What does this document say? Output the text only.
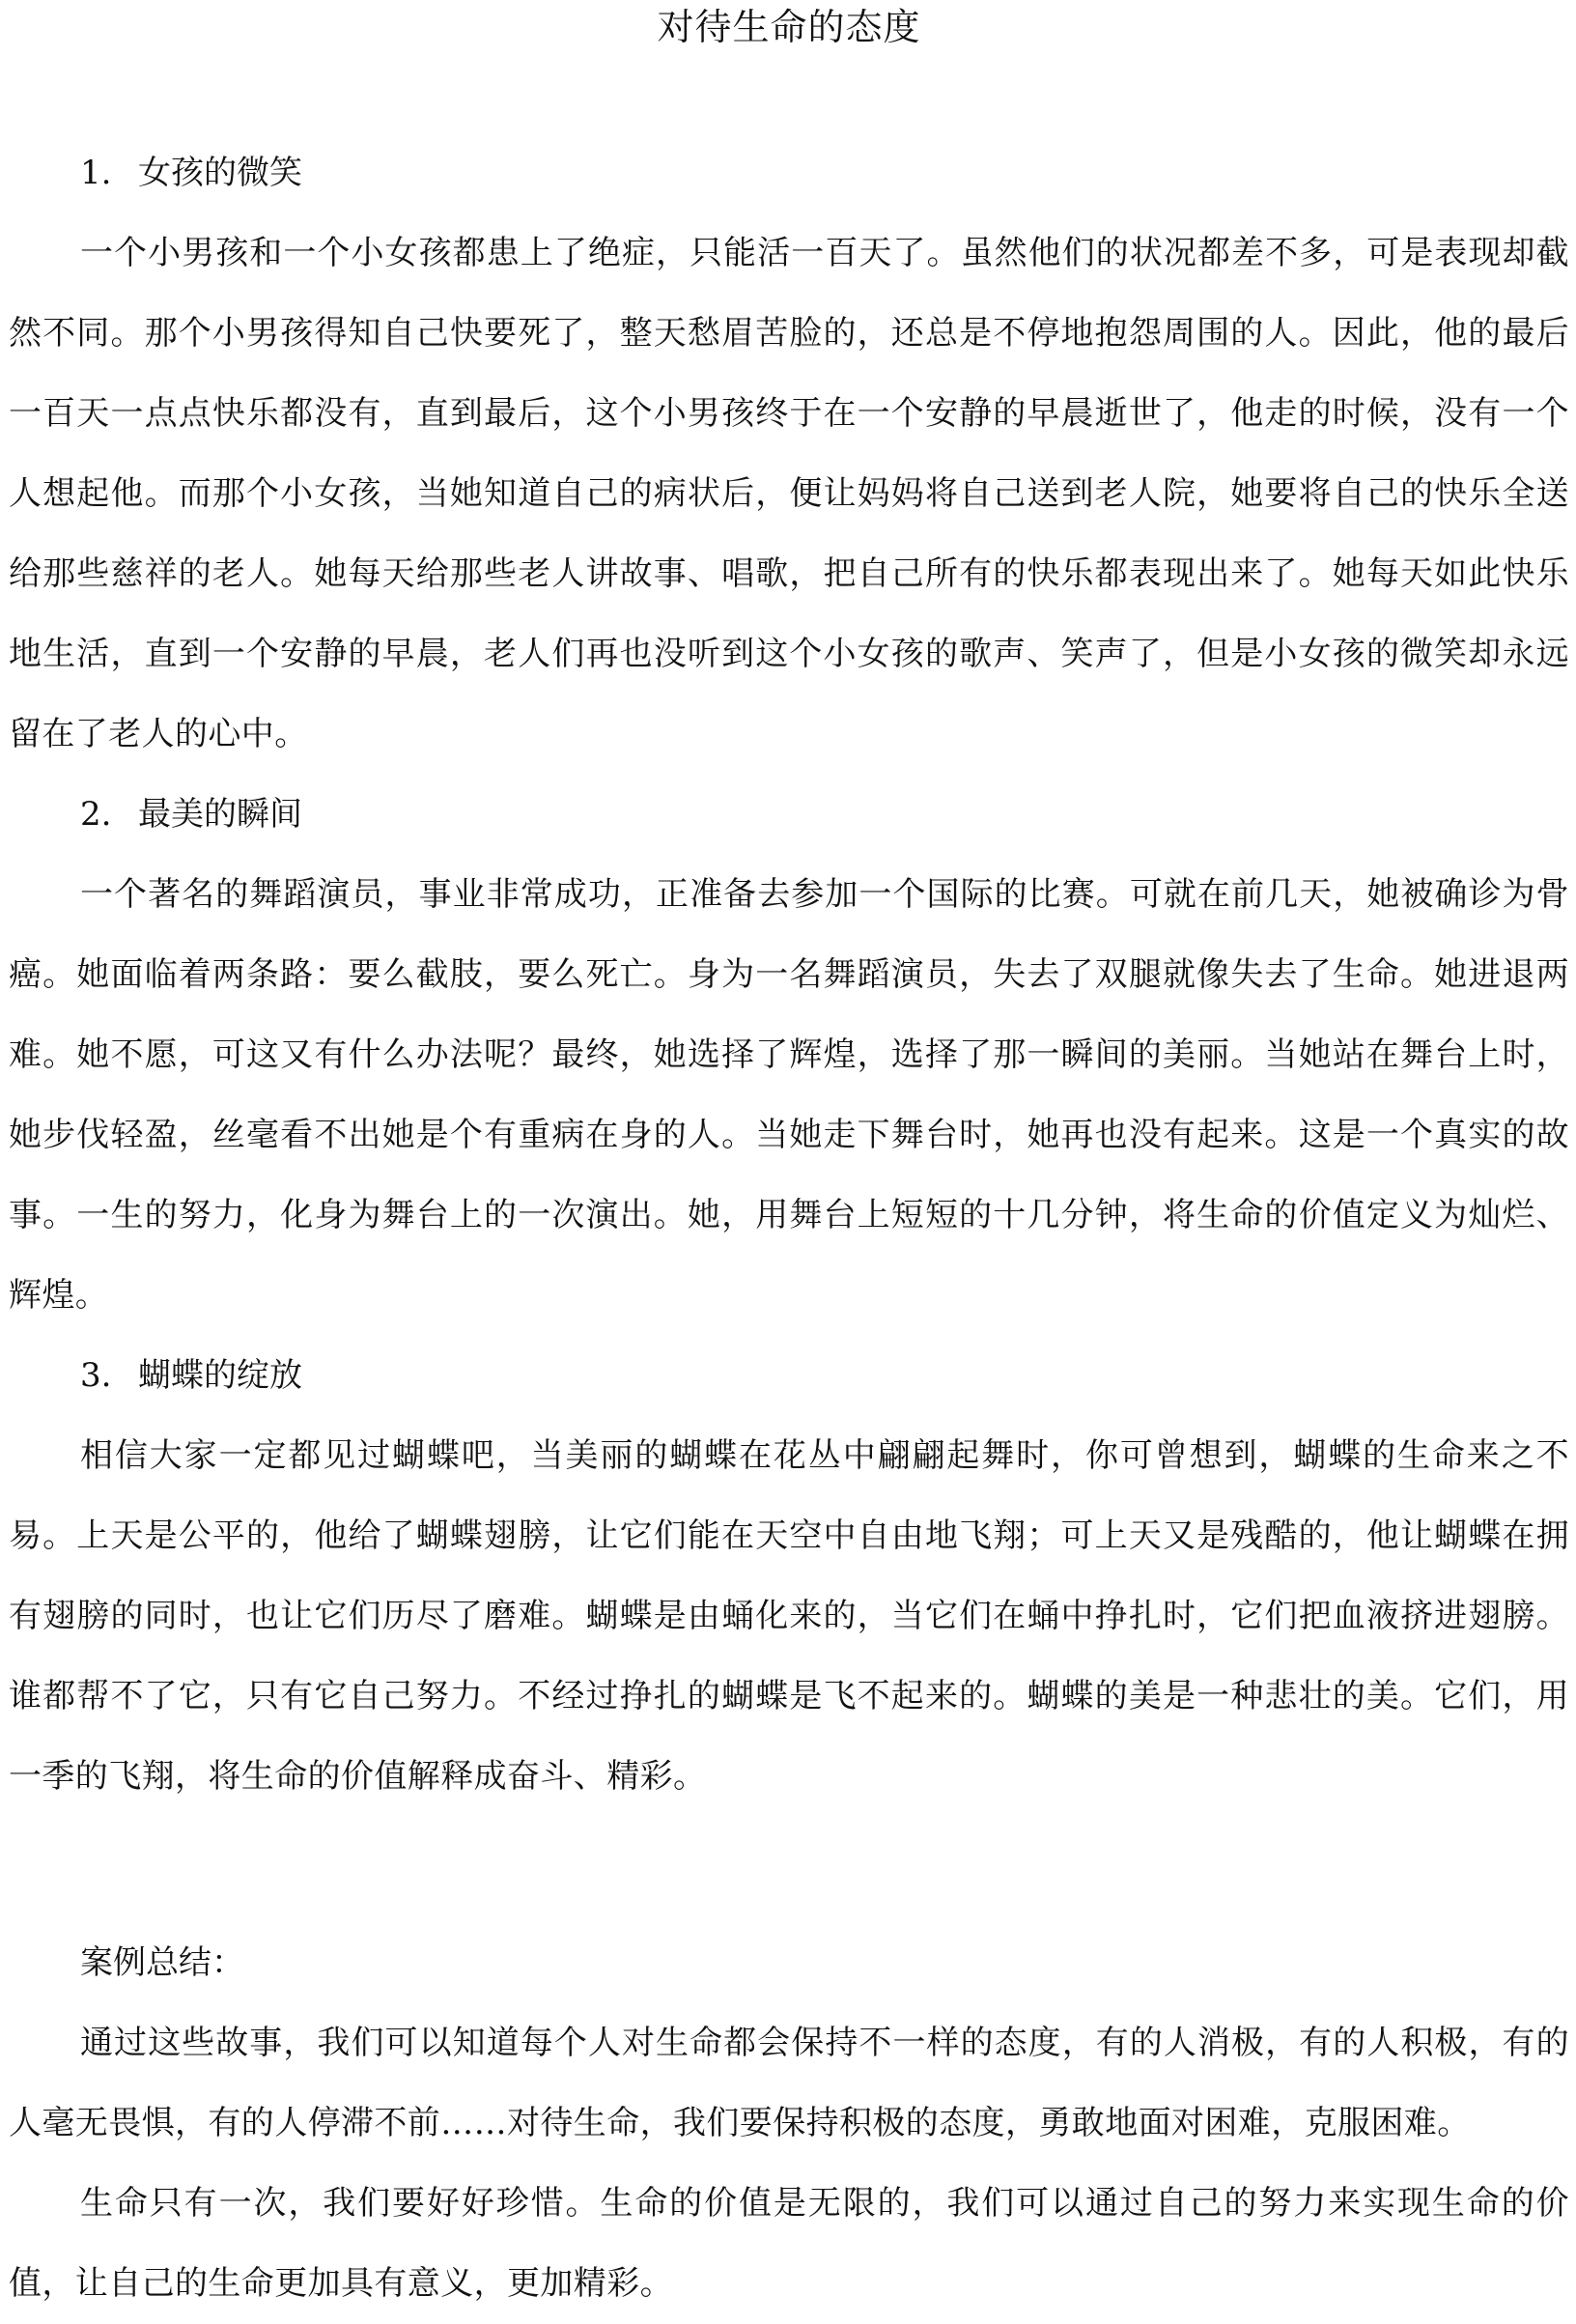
对待生命的态度
1. 女孩的微笑

一个小男孩和一个小女孩都患上了绝症，只能活一百天了。虽然他们的状况都差不多，可是表现却截然不同。那个小男孩得知自己快要死了，整天愁眉苦脸的，还总是不停地抱怨周围的人。因此，他的最后一百天一点点快乐都没有，直到最后，这个小男孩终于在一个安静的早晨逝世了，他走的时候，没有一个人想起他。而那个小女孩，当她知道自己的病状后，便让妈妈将自己送到老人院，她要将自己的快乐全送给那些慈祥的老人。她每天给那些老人讲故事、唱歌，把自己所有的快乐都表现出来了。她每天如此快乐地生活，直到一个安静的早晨，老人们再也没听到这个小女孩的歌声、笑声了，但是小女孩的微笑却永远留在了老人的心中。

2. 最美的瞬间

一个著名的舞蹈演员，事业非常成功，正准备去参加一个国际的比赛。可就在前几天，她被确诊为骨癌。她面临着两条路：要么截肢，要么死亡。身为一名舞蹈演员，失去了双腿就像失去了生命。她进退两难。她不愿，可这又有什么办法呢？最终，她选择了辉煌，选择了那一瞬间的美丽。当她站在舞台上时，她步伐轻盈，丝毫看不出她是个有重病在身的人。当她走下舞台时，她再也没有起来。这是一个真实的故事。一生的努力，化身为舞台上的一次演出。她，用舞台上短短的十几分钟，将生命的价值定义为灿烂、辉煌。

3. 蝴蝶的绽放

相信大家一定都见过蝴蝶吧，当美丽的蝴蝶在花丛中翩翩起舞时，你可曾想到，蝴蝶的生命来之不易。上天是公平的，他给了蝴蝶翅膀，让它们能在天空中自由地飞翔；可上天又是残酷的，他让蝴蝶在拥有翅膀的同时，也让它们历尽了磨难。蝴蝶是由蛹化来的，当它们在蛹中挣扎时，它们把血液挤进翅膀。谁都帮不了它，只有它自己努力。不经过挣扎的蝴蝶是飞不起来的。蝴蝶的美是一种悲壮的美。它们，用一季的飞翔，将生命的价值解释成奋斗、精彩。

案例总结：

通过这些故事，我们可以知道每个人对生命都会保持不一样的态度，有的人消极，有的人积极，有的人毫无畏惧，有的人停滞不前……对待生命，我们要保持积极的态度，勇敢地面对困难，克服困难。

生命只有一次，我们要好好珍惜。生命的价值是无限的，我们可以通过自己的努力来实现生命的价值，让自己的生命更加具有意义，更加精彩。
